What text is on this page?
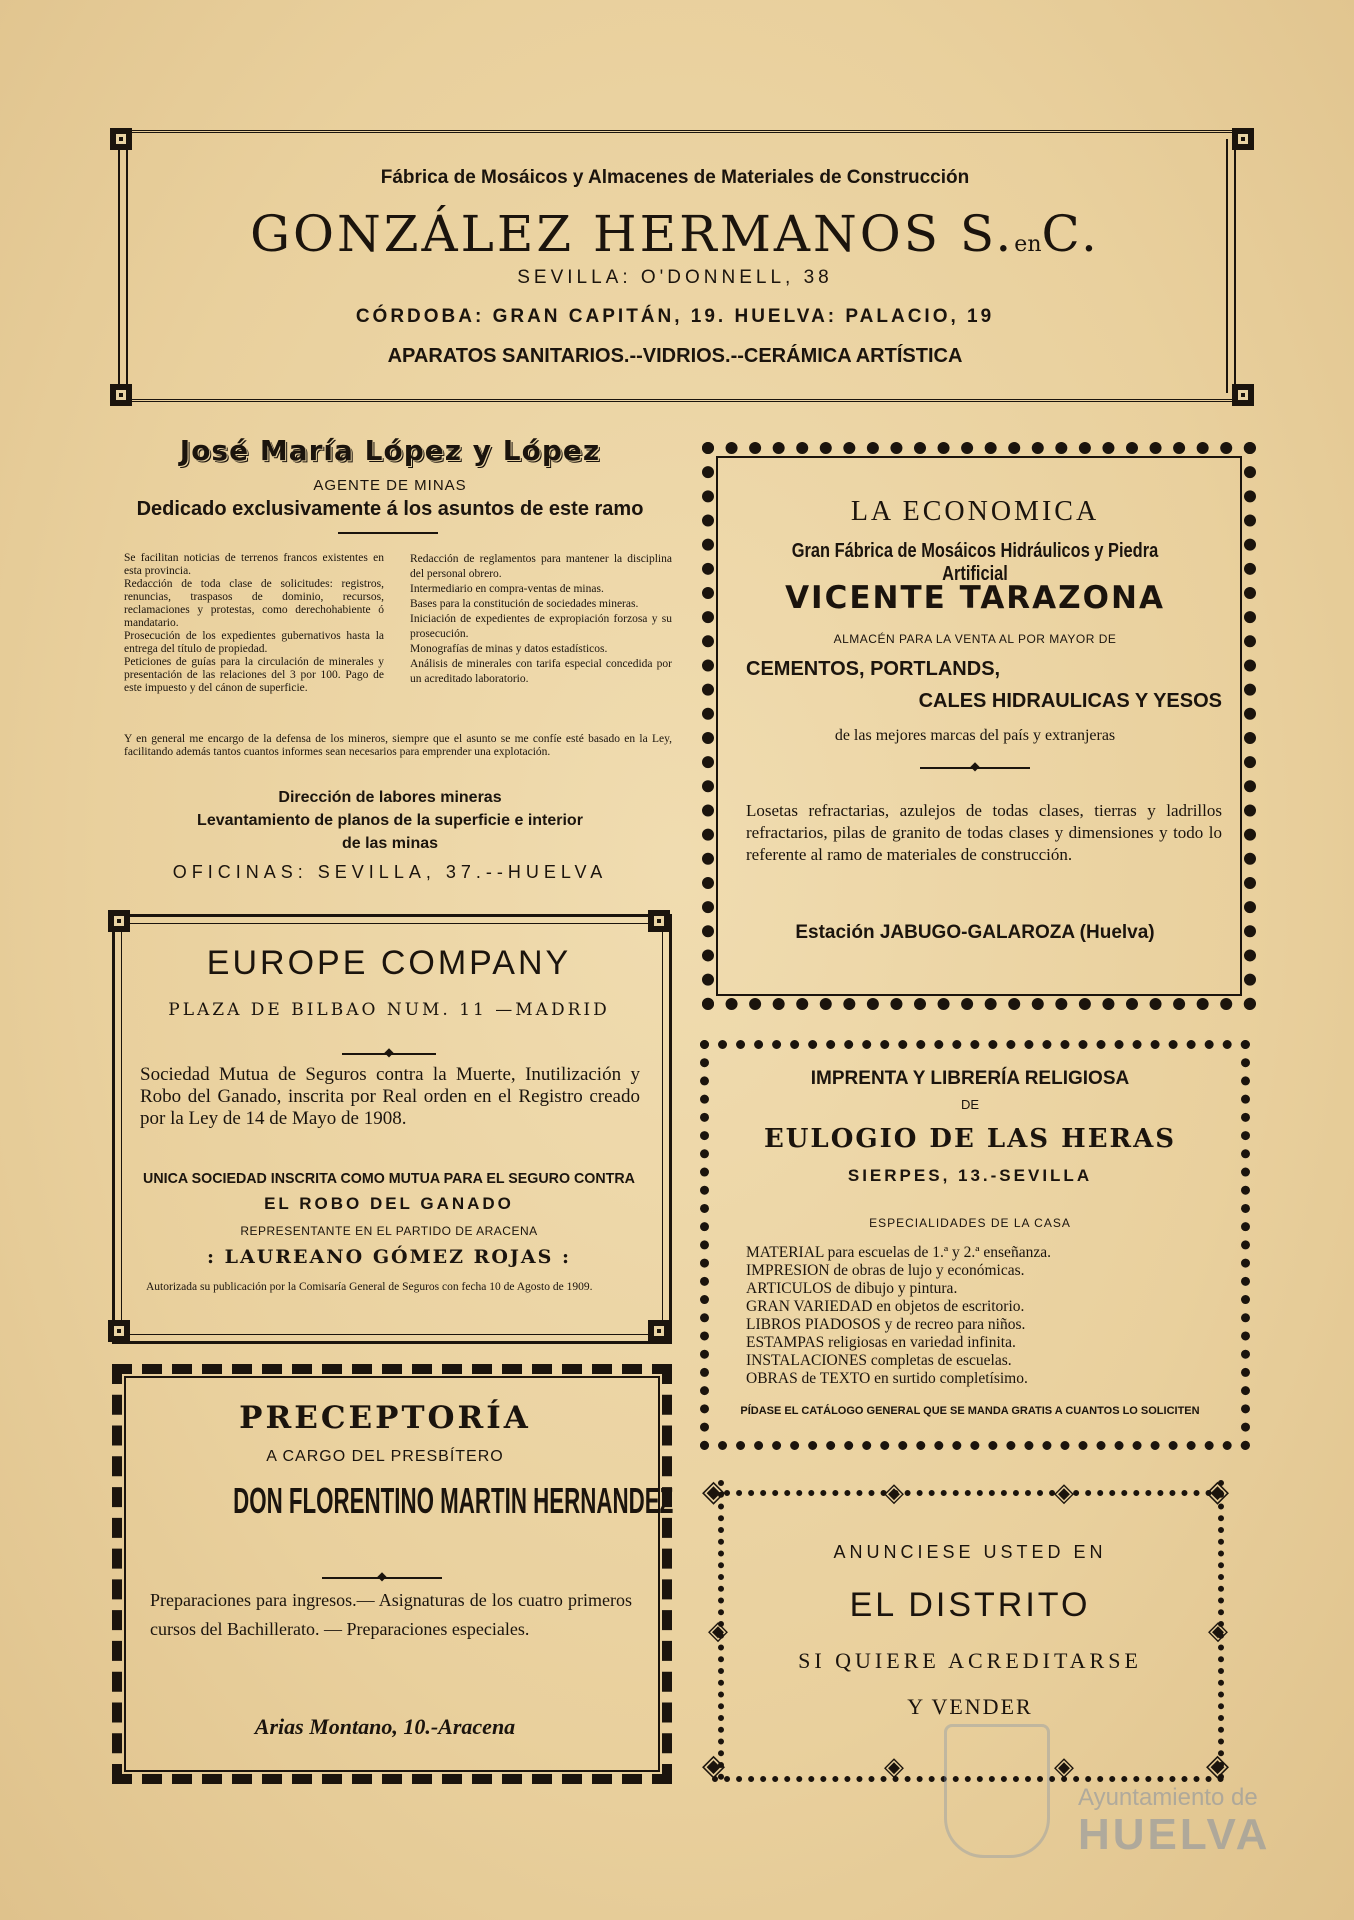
Fábrica de Mosáicos y Almacenes de Materiales de Construcción
GONZÁLEZ HERMANOS S.enC.
SEVILLA: O'DONNELL, 38
CÓRDOBA: GRAN CAPITÁN, 19. HUELVA: PALACIO, 19
APARATOS SANITARIOS.--VIDRIOS.--CERÁMICA ARTÍSTICA
José María López y López
AGENTE DE MINAS
Dedicado exclusivamente á los asuntos de este ramo
Se facilitan noticias de terrenos francos existentes en esta provincia.
Redacción de toda clase de solicitudes: registros, renuncias, traspasos de dominio, recursos, reclamaciones y protestas, como derechohabiente ó mandatario.
Prosecución de los expedientes gubernativos hasta la entrega del título de propiedad.
Peticiones de guías para la circulación de minerales y presentación de las relaciones del 3 por 100. Pago de este impuesto y del cánon de superficie.
Redacción de reglamentos para mantener la disciplina del personal obrero.
Intermediario en compra-ventas de minas.
Bases para la constitución de sociedades mineras.
Iniciación de expedientes de expropiación forzosa y su prosecución.
Monografías de minas y datos estadísticos.
Análisis de minerales con tarifa especial concedida por un acreditado laboratorio.
Y en general me encargo de la defensa de los mineros, siempre que el asunto se me confíe esté basado en la Ley, facilitando además tantos cuantos informes sean necesarios para emprender una explotación.
Dirección de labores mineras
Levantamiento de planos de la superficie e interior
de las minas
OFICINAS: SEVILLA, 37.--HUELVA
LA ECONOMICA
Gran Fábrica de Mosáicos Hidráulicos y Piedra Artificial
VICENTE TARAZONA
ALMACÉN PARA LA VENTA AL POR MAYOR DE
CEMENTOS, PORTLANDS,
CALES HIDRAULICAS Y YESOS
de las mejores marcas del país y extranjeras
◆
Losetas refractarias, azulejos de todas clases, tierras y ladrillos refractarios, pilas de granito de todas clases y dimensiones y todo lo referente al ramo de materiales de construcción.
Estación JABUGO-GALAROZA (Huelva)
EUROPE COMPANY
PLAZA DE BILBAO NUM. 11 —MADRID
◆
Sociedad Mutua de Seguros contra la Muerte, Inutilización y Robo del Ganado, inscrita por Real orden en el Registro creado por la Ley de 14 de Mayo de 1908.
UNICA SOCIEDAD INSCRITA COMO MUTUA PARA EL SEGURO CONTRA
EL ROBO DEL GANADO
REPRESENTANTE EN EL PARTIDO DE ARACENA
: LAUREANO GÓMEZ ROJAS :
Autorizada su publicación por la Comisaría General de Seguros con fecha 10 de Agosto de 1909.
IMPRENTA Y LIBRERÍA RELIGIOSA
DE
EULOGIO DE LAS HERAS
SIERPES, 13.-SEVILLA
ESPECIALIDADES DE LA CASA
MATERIAL para escuelas de 1.ª y 2.ª enseñanza.
IMPRESION de obras de lujo y económicas.
ARTICULOS de dibujo y pintura.
GRAN VARIEDAD en objetos de escritorio.
LIBROS PIADOSOS y de recreo para niños.
ESTAMPAS religiosas en variedad infinita.
INSTALACIONES completas de escuelas.
OBRAS de TEXTO en surtido completísimo.
PÍDASE EL CATÁLOGO GENERAL QUE SE MANDA GRATIS A CUANTOS LO SOLICITEN
PRECEPTORÍA
A CARGO DEL PRESBÍTERO
DON FLORENTINO MARTIN HERNANDEZ
◆
Preparaciones para ingresos.— Asignaturas de los cuatro primeros cursos del Bachillerato. — Preparaciones especiales.
Arias Montano, 10.-Aracena
◈	◈
◈	◈
◈	◈
◈	◈
◈	◈
ANUNCIESE USTED EN
EL DISTRITO
SI QUIERE ACREDITARSE
Y VENDER
Ayuntamiento de
HUELVA
